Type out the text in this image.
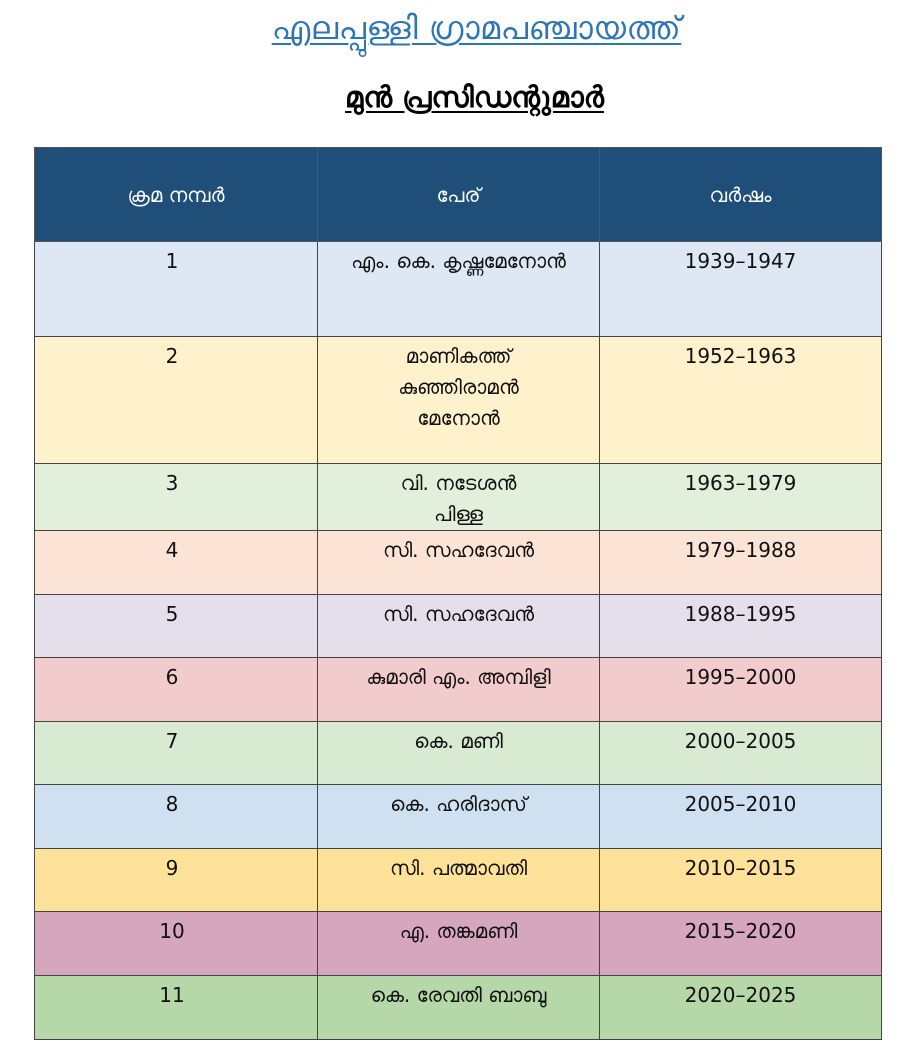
എലപ്പുള്ളി ഗ്രാമപഞ്ചായത്ത്
മുൻ പ്രസിഡന്റുമാർ
ക്രമ നമ്പർ	പേര്	വർഷം
1	എം. കെ. കൃഷ്ണമേനോൻ	1939–1947
2	മാണികത്ത് കുഞ്ഞിരാമൻ മേനോൻ	1952–1963
3	വി. നടേശൻ പിള്ള	1963–1979
4	സി. സഹദേവൻ	1979–1988
5	സി. സഹദേവൻ	1988–1995
6	കുമാരി എം. അമ്പിളി	1995–2000
7	കെ. മണി	2000–2005
8	കെ. ഹരിദാസ്	2005–2010
9	സി. പത്മാവതി	2010–2015
10	എ. തങ്കമണി	2015–2020
11	കെ. രേവതി ബാബു	2020–2025
